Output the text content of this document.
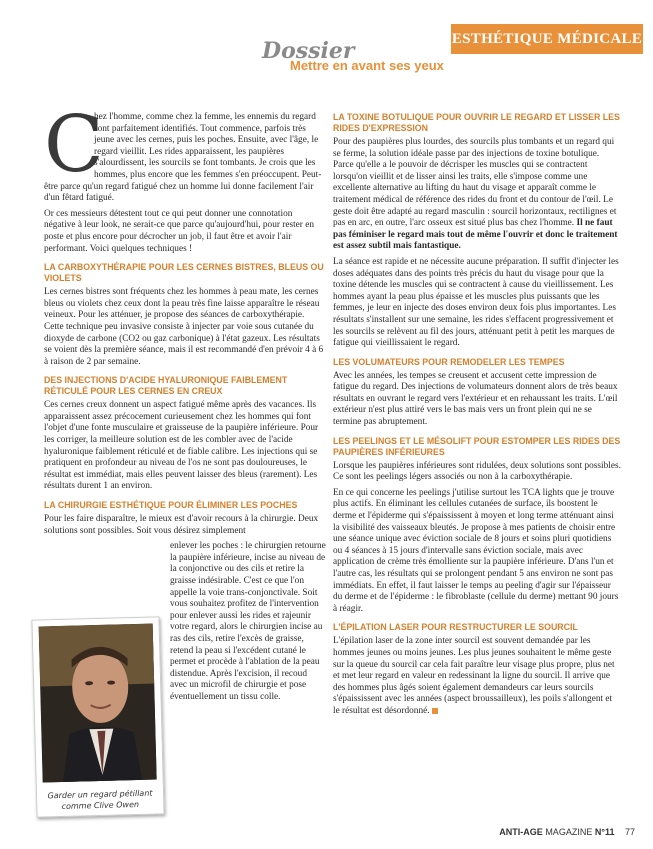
ESTHÉTIQUE MÉDICALE
Dossier
Mettre en avant ses yeux
C

hez l'homme, comme chez la femme, les ennemis du regard sont parfaitement identifiés. Tout commence, parfois très jeune avec les cernes, puis les poches. Ensuite, avec l'âge, le regard vieillit. Les rides apparaissent, les paupières s'alourdissent, les sourcils se font tombants. Je crois que les hommes, plus encore que les femmes s'en préoccupent. Peut-être parce qu'un regard fatigué chez un homme lui donne facilement l'air d'un fêtard fatigué.

Or ces messieurs détestent tout ce qui peut donner une connotation négative à leur look, ne serait-ce que parce qu'aujourd'hui, pour rester en poste et plus encore pour décrocher un job, il faut être et avoir l'air performant. Voici quelques techniques !

LA CARBOXYTHÉRAPIE POUR LES CERNES BISTRES, BLEUS OU VIOLETS

Les cernes bistres sont fréquents chez les hommes à peau mate, les cernes bleus ou violets chez ceux dont la peau très fine laisse apparaître le réseau veineux. Pour les atténuer, je propose des séances de carboxythérapie. Cette technique peu invasive consiste à injecter par voie sous cutanée du dioxyde de carbone (CO2 ou gaz carbonique) à l'état gazeux. Les résultats se voient dès la première séance, mais il est recommandé d'en prévoir 4 à 6 à raison de 2 par semaine.

DES INJECTIONS D'ACIDE HYALURONIQUE FAIBLEMENT RÉTICULÉ POUR LES CERNES EN CREUX

Ces cernes creux donnent un aspect fatigué même après des vacances. Ils apparaissent assez précocement curieusement chez les hommes qui font l'objet d'une fonte musculaire et graisseuse de la paupière inférieure. Pour les corriger, la meilleure solution est de les combler avec de l'acide hyaluronique faiblement réticulé et de fiable calibre. Les injections qui se pratiquent en profondeur au niveau de l'os ne sont pas douloureuses, le résultat est immédiat, mais elles peuvent laisser des bleus (rarement). Les résultats durent 1 an environ.

LA CHIRURGIE ESTHÉTIQUE POUR ÉLIMINER LES POCHES

Pour les faire disparaître, le mieux est d'avoir recours à la chirurgie. Deux solutions sont possibles. Soit vous désirez simplement

enlever les poches : le chirurgien retourne la paupière inférieure, incise au niveau de la conjonctive ou des cils et retire la graisse indésirable. C'est ce que l'on appelle la voie trans-conjonctivale. Soit vous souhaitez profitez de l'intervention pour enlever aussi les rides et rajeunir votre regard, alors le chirurgien incise au ras des cils, retire l'excès de graisse, retend la peau si l'excédent cutané le permet et procède à l'ablation de la peau distendue. Après l'excision, il recoud avec un microfil de chirurgie et pose éventuellement un tissu colle.

Garder un regard pétillant comme Clive Owen
LA TOXINE BOTULIQUE POUR OUVRIR LE REGARD ET LISSER LES RIDES D'EXPRESSION

Pour des paupières plus lourdes, des sourcils plus tombants et un regard qui se ferme, la solution idéale passe par des injections de toxine botulique. Parce qu'elle a le pouvoir de décrisper les muscles qui se contractent lorsqu'on vieillit et de lisser ainsi les traits, elle s'impose comme une excellente alternative au lifting du haut du visage et apparaît comme le traitement médical de référence des rides du front et du contour de l'œil. Le geste doit être adapté au regard masculin : sourcil horizontaux, rectilignes et pas en arc, en outre, l'arc osseux est situé plus bas chez l'homme. Il ne faut pas féminiser le regard mais tout de même l'ouvrir et donc le traitement est assez subtil mais fantastique.

La séance est rapide et ne nécessite aucune préparation. Il suffit d'injecter les doses adéquates dans des points très précis du haut du visage pour que la toxine détende les muscles qui se contractent à cause du vieillissement. Les hommes ayant la peau plus épaisse et les muscles plus puissants que les femmes, je leur en injecte des doses environ deux fois plus importantes. Les résultats s'installent sur une semaine, les rides s'effacent progressivement et les sourcils se relèvent au fil des jours, atténuant petit à petit les marques de fatigue qui vieillissaient le regard.

LES VOLUMATEURS POUR REMODELER LES TEMPES

Avec les années, les tempes se creusent et accusent cette impression de fatigue du regard. Des injections de volumateurs donnent alors de très beaux résultats en ouvrant le regard vers l'extérieur et en rehaussant les traits. L'œil extérieur n'est plus attiré vers le bas mais vers un front plein qui ne se termine pas abruptement.

LES PEELINGS ET LE MÉSOLIFT POUR ESTOMPER LES RIDES DES PAUPIÈRES INFÉRIEURES

Lorsque les paupières inférieures sont ridulées, deux solutions sont possibles. Ce sont les peelings légers associés ou non à la carboxythérapie.

En ce qui concerne les peelings j'utilise surtout les TCA lights que je trouve plus actifs. En éliminant les cellules cutanées de surface, ils boostent le derme et l'épiderme qui s'épaississent à moyen et long terme atténuant ainsi la visibilité des vaisseaux bleutés. Je propose à mes patients de choisir entre une séance unique avec éviction sociale de 8 jours et soins pluri quotidiens ou 4 séances à 15 jours d'intervalle sans éviction sociale, mais avec application de crème très émolliente sur la paupière inférieure. D'ans l'un et l'autre cas, les résultats qui se prolongent pendant 5 ans environ ne sont pas immédiats. En effet, il faut laisser le temps au peeling d'agir sur l'épaisseur du derme et de l'épiderme : le fibroblaste (cellule du derme) mettant 90 jours à réagir.

L'ÉPILATION LASER POUR RESTRUCTURER LE SOURCIL

L'épilation laser de la zone inter sourcil est souvent demandée par les hommes jeunes ou moins jeunes. Les plus jeunes souhaitent le même geste sur la queue du sourcil car cela fait paraître leur visage plus propre, plus net et met leur regard en valeur en redessinant la ligne du sourcil. Il arrive que des hommes plus âgés soient également demandeurs car leurs sourcils s'épaississent avec les années (aspect broussailleux), les poils s'allongent et le résultat est désordonné.

ANTI-AGE MAGAZINE N°11 77
